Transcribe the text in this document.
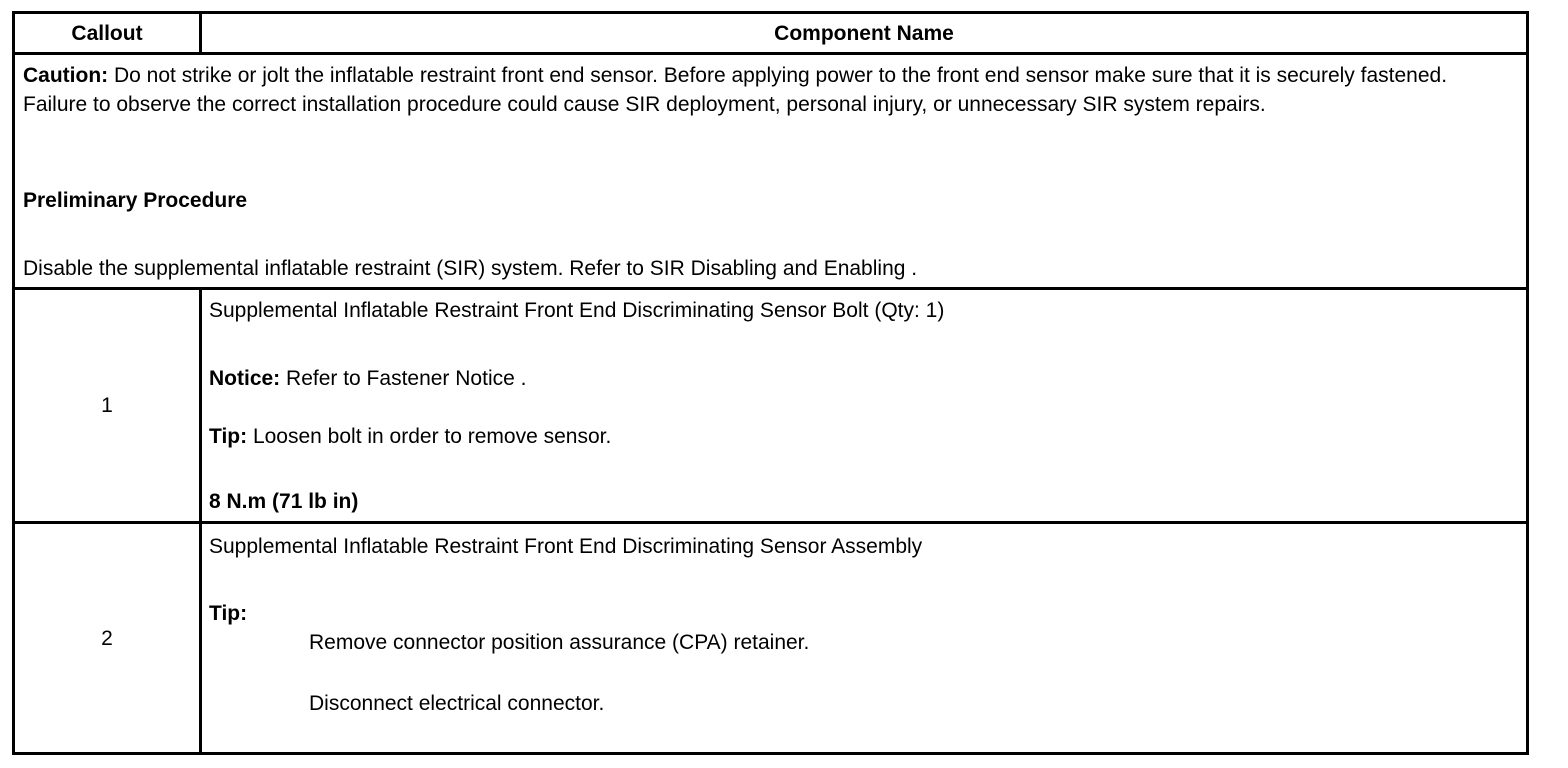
Callout	Component Name
Caution: Do not strike or jolt the inflatable restraint front end sensor. Before applying power to the front end sensor make sure that it is securely fastened. Failure to observe the correct installation procedure could cause SIR deployment, personal injury, or unnecessary SIR system repairs.
Preliminary Procedure
Disable the supplemental inflatable restraint (SIR) system. Refer to SIR Disabling and Enabling .
1
Supplemental Inflatable Restraint Front End Discriminating Sensor Bolt (Qty: 1)
Notice: Refer to Fastener Notice .
Tip: Loosen bolt in order to remove sensor.
8 N.m (71 lb in)
2
Supplemental Inflatable Restraint Front End Discriminating Sensor Assembly
Tip:
Remove connector position assurance (CPA) retainer.
Disconnect electrical connector.
